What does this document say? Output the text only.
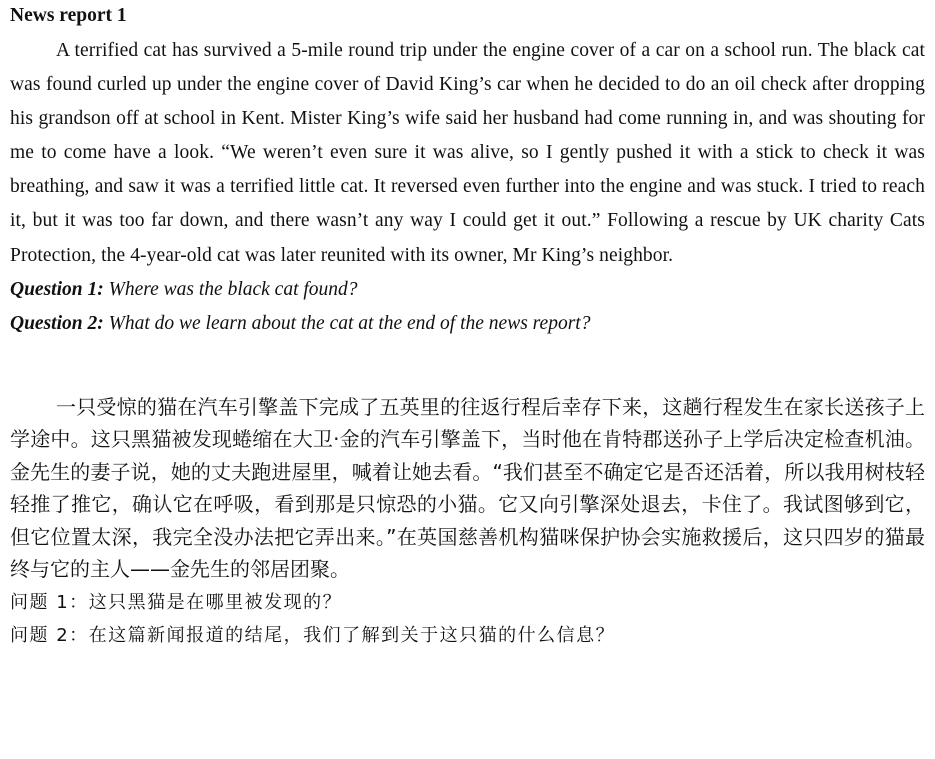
News report 1

A terrified cat has survived a 5-mile round trip under the engine cover of a car on a school run. The black cat was found curled up under the engine cover of David King’s car when he decided to do an oil check after dropping his grandson off at school in Kent. Mister King’s wife said her husband had come running in, and was shouting for me to come have a look. “We weren’t even sure it was alive, so I gently pushed it with a stick to check it was breathing, and saw it was a terrified little cat. It reversed even further into the engine and was stuck. I tried to reach it, but it was too far down, and there wasn’t any way I could get it out.” Following a rescue by UK charity Cats Protection, the 4-year-old cat was later reunited with its owner, Mr King’s neighbor.

Question 1: Where was the black cat found?

Question 2: What do we learn about the cat at the end of the news report?

一只受惊的猫在汽车引擎盖下完成了五英里的往返行程后幸存下来，这趟行程发生在家长送孩子上学途中。这只黑猫被发现蜷缩在大卫·金的汽车引擎盖下，当时他在肯特郡送孙子上学后决定检查机油。金先生的妻子说，她的丈夫跑进屋里，喊着让她去看。“我们甚至不确定它是否还活着，所以我用树枝轻轻推了推它，确认它在呼吸，看到那是只惊恐的小猫。它又向引擎深处退去，卡住了。我试图够到它，但它位置太深，我完全没办法把它弄出来。”在英国慈善机构猫咪保护协会实施救援后，这只四岁的猫最终与它的主人——金先生的邻居团聚。

问题 1：这只黑猫是在哪里被发现的？

问题 2：在这篇新闻报道的结尾，我们了解到关于这只猫的什么信息？
